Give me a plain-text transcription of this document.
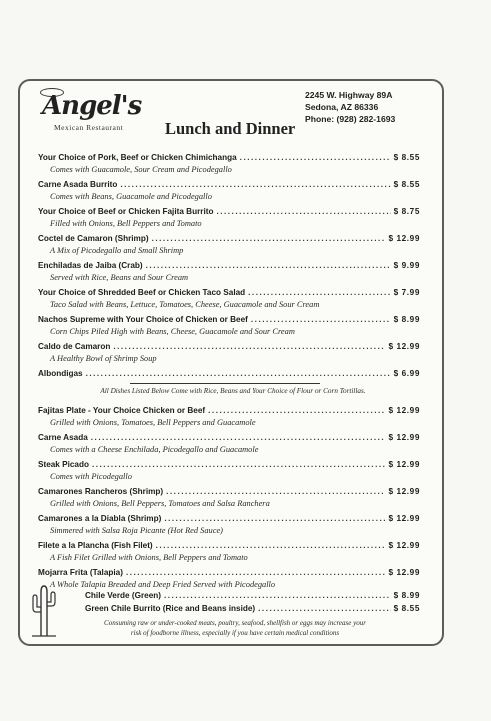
Angel's
Mexican Restaurant	Lunch and Dinner
2245 W. Highway 89A
Sedona, AZ 86336
Phone: (928) 282-1693
Your Choice of Pork, Beef or Chicken Chimichanga .....	$ 8.55
Comes with Guacamole, Sour Cream and Picodegallo
Carne Asada Burrito .....	$ 8.55
Comes with Beans, Guacamole and Picodegallo
Your Choice of Beef or Chicken Fajita Burrito .....	$ 8.75
Filled with Onions, Bell Peppers and Tomato
Coctel de Camaron (Shrimp) .....	$ 12.99
A Mix of Picodegallo and Small Shrimp
Enchiladas de Jaiba (Crab) .....	$ 9.99
Served with Rice, Beans and Sour Cream
Your Choice of Shredded Beef or Chicken Taco Salad .....	$ 7.99
Taco Salad with Beans, Lettuce, Tomatoes, Cheese, Guacamole and Sour Cream
Nachos Supreme with Your Choice of Chicken or Beef .....	$ 8.99
Corn Chips Piled High with Beans, Cheese, Guacamole and Sour Cream
Caldo de Camaron .....	$ 12.99
A Healthy Bowl of Shrimp Soup
Albondigas .....	$ 6.99
All Dishes Listed Below Come with Rice, Beans and Your Choice of Flour or Corn Tortillas.
Fajitas Plate - Your Choice Chicken or Beef .....	$ 12.99
Grilled with Onions, Tomatoes, Bell Peppers and Guacamole
Carne Asada .....	$ 12.99
Comes with a Cheese Enchilada, Picodegallo and Guacamole
Steak Picado .....	$ 12.99
Comes with Picodegallo
Camarones Rancheros (Shrimp) .....	$ 12.99
Grilled with Onions, Bell Peppers, Tomatoes and Salsa Ranchera
Camarones a la Diabla (Shrimp) .....	$ 12.99
Simmered with Salsa Roja Picante (Hot Red Sauce)
Filete a la Plancha (Fish Filet) .....	$ 12.99
A Fish Filet Grilled with Onions, Bell Peppers and Tomato
Mojarra Frita (Talapia) .....	$ 12.99
A Whole Talapia Breaded and Deep Fried Served with Picodegallo
Chile Verde (Green) .....	$ 8.99
Green Chile Burrito (Rice and Beans inside) .....	$ 8.55
Consuming raw or under-cooked meats, poultry, seafood, shellfish or eggs may increase your
risk of foodborne illness, especially if you have certain medical conditions
